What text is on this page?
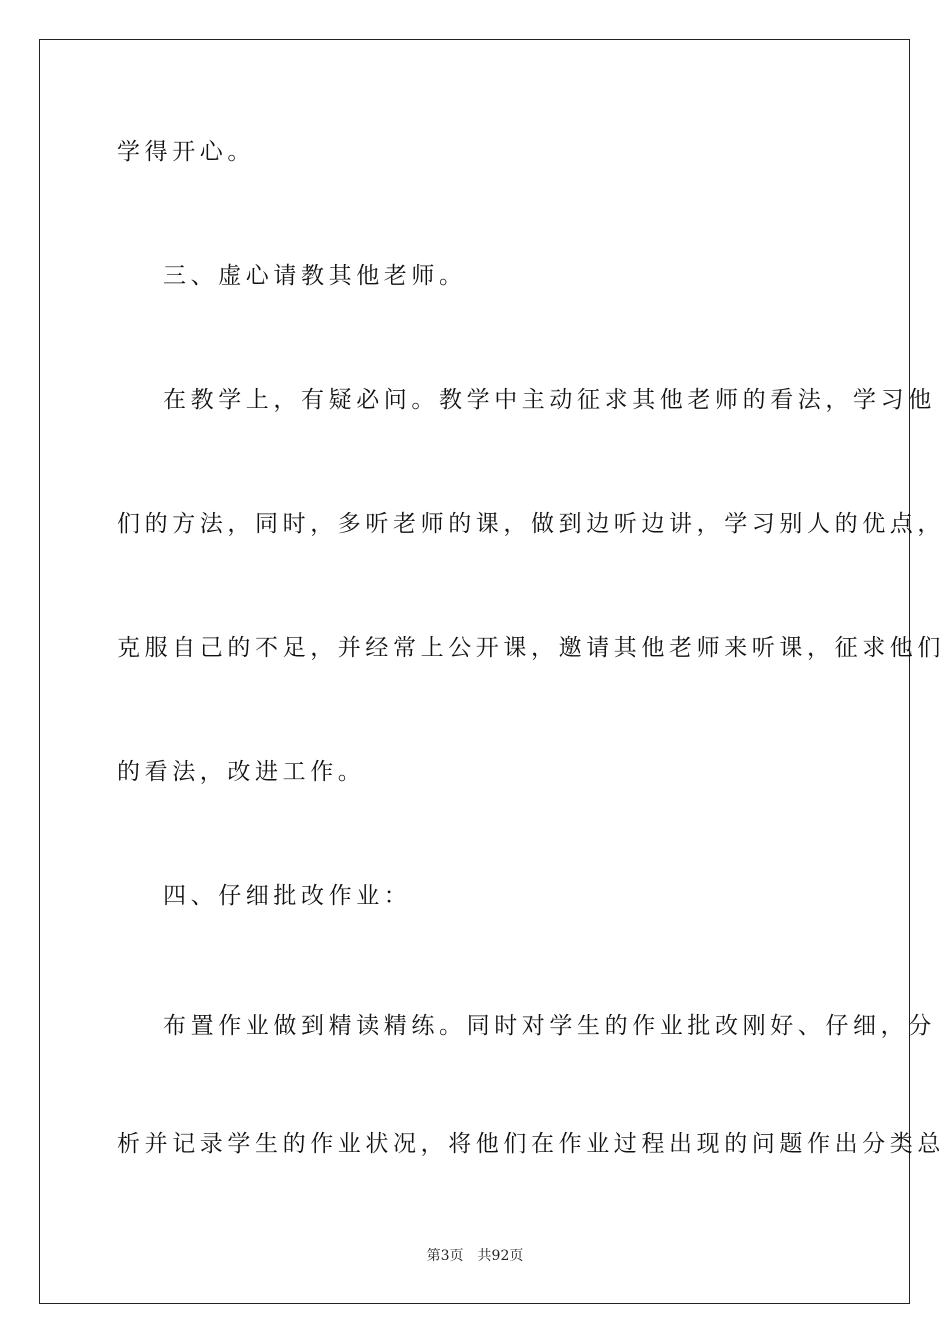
学得开心。
三、虚心请教其他老师。
在教学上，有疑必问。教学中主动征求其他老师的看法，学习他
们的方法，同时，多听老师的课，做到边听边讲，学习别人的优点，
克服自己的不足，并经常上公开课，邀请其他老师来听课，征求他们
的看法，改进工作。
四、仔细批改作业：
布置作业做到精读精练。同时对学生的作业批改刚好、仔细，分
析并记录学生的作业状况，将他们在作业过程出现的问题作出分类总
第3页 共92页
